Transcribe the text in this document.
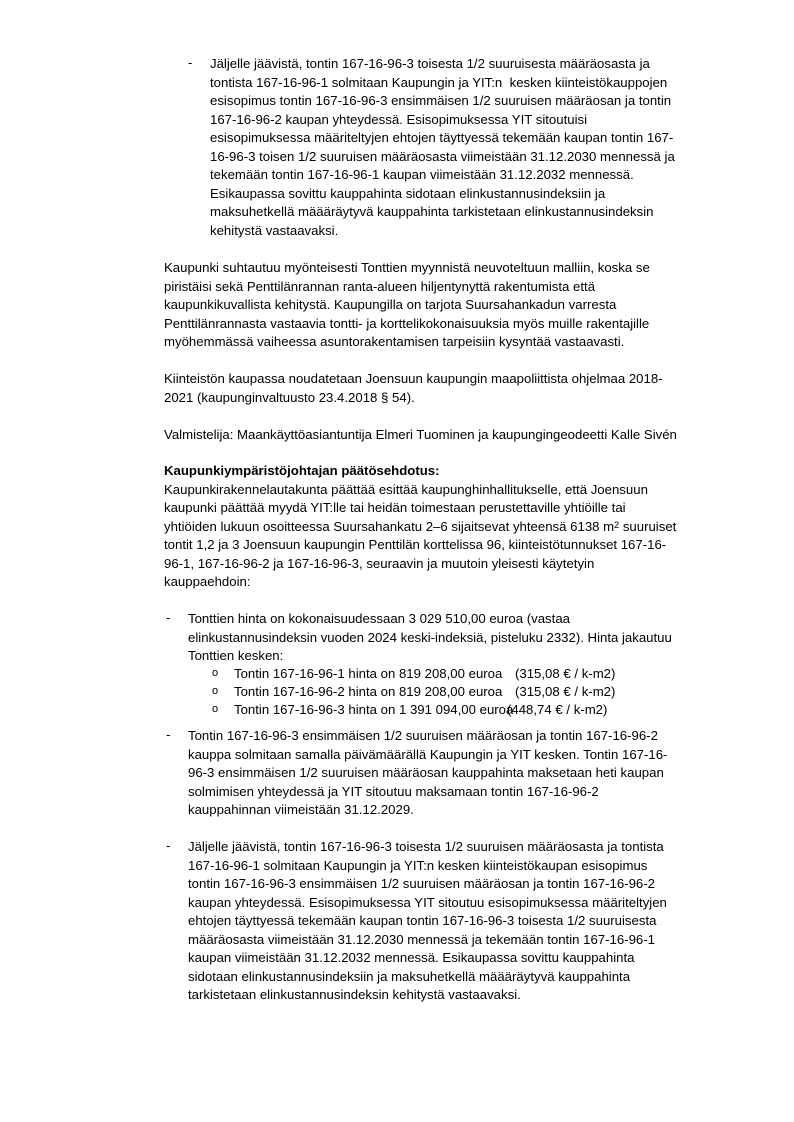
- Jäljelle jäävistä, tontin 167-16-96-3 toisesta 1/2 suuruisesta määräosasta ja
tontista 167-16-96-1 solmitaan Kaupungin ja YIT:n  kesken kiinteistökauppojen
esisopimus tontin 167-16-96-3 ensimmäisen 1/2 suuruisen määräosan ja tontin
167-16-96-2 kaupan yhteydessä. Esisopimuksessa YIT sitoutuisi
esisopimuksessa määriteltyjen ehtojen täyttyessä tekemään kaupan tontin 167-
16-96-3 toisen 1/2 suuruisen määräosasta viimeistään 31.12.2030 mennessä ja
tekemään tontin 167-16-96-1 kaupan viimeistään 31.12.2032 mennessä.
Esikaupassa sovittu kauppahinta sidotaan elinkustannusindeksiin ja
maksuhetkellä määäräytyvä kauppahinta tarkistetaan elinkustannusindeksin
kehitystä vastaavaksi.
Kaupunki suhtautuu myönteisesti Tonttien myynnistä neuvoteltuun malliin, koska se
piristäisi sekä Penttilänrannan ranta-alueen hiljentynyttä rakentumista että
kaupunkikuvallista kehitystä. Kaupungilla on tarjota Suursahankadun varresta
Penttilänrannasta vastaavia tontti- ja korttelikokonaisuuksia myös muille rakentajille
myöhemmässä vaiheessa asuntorakentamisen tarpeisiin kysyntää vastaavasti.
Kiinteistön kaupassa noudatetaan Joensuun kaupungin maapoliittista ohjelmaa 2018-
2021 (kaupunginvaltuusto 23.4.2018 § 54).
Valmistelija: Maankäyttöasiantuntija Elmeri Tuominen ja kaupungingeodeetti Kalle Sivén
Kaupunkiympäristöjohtajan päätösehdotus:
Kaupunkirakennelautakunta päättää esittää kaupunghinhallitukselle, että Joensuun
kaupunki päättää myydä YIT:lle tai heidän toimestaan perustettaville yhtiöille tai
yhtiöiden lukuun osoitteessa Suursahankatu 2–6 sijaitsevat yhteensä 6138 $m^2$ suuruiset
tontit 1,2 ja 3 Joensuun kaupungin Penttilän korttelissa 96, kiinteistötunnukset 167-16-
96-1, 167-16-96-2 ja 167-16-96-3, seuraavin ja muutoin yleisesti käytetyin
kauppaehdoin:
- Tonttien hinta on kokonaisuudessaan 3 029 510,00 euroa (vastaa
elinkustannusindeksin vuoden 2024 keski-indeksiä, pisteluku 2332). Hinta jakautuu
Tonttien kesken:
o Tontin 167-16-96-1 hinta on 819 208,00 euroa (315,08 € / k-m2)
o Tontin 167-16-96-2 hinta on 819 208,00 euroa (315,08 € / k-m2)
o Tontin 167-16-96-3 hinta on 1 391 094,00 euroa
(448,74 € / k-m2)
- Tontin 167-16-96-3 ensimmäisen 1/2 suuruisen määräosan ja tontin 167-16-96-2
kauppa solmitaan samalla päivämäärällä Kaupungin ja YIT kesken. Tontin 167-16-
96-3 ensimmäisen 1/2 suuruisen määräosan kauppahinta maksetaan heti kaupan
solmimisen yhteydessä ja YIT sitoutuu maksamaan tontin 167-16-96-2
kauppahinnan viimeistään 31.12.2029.
- Jäljelle jäävistä, tontin 167-16-96-3 toisesta 1/2 suuruisen määräosasta ja tontista
167-16-96-1 solmitaan Kaupungin ja YIT:n kesken kiinteistökaupan esisopimus
tontin 167-16-96-3 ensimmäisen 1/2 suuruisen määräosan ja tontin 167-16-96-2
kaupan yhteydessä. Esisopimuksessa YIT sitoutuu esisopimuksessa määriteltyjen
ehtojen täyttyessä tekemään kaupan tontin 167-16-96-3 toisesta 1/2 suuruisesta
määräosasta viimeistään 31.12.2030 mennessä ja tekemään tontin 167-16-96-1
kaupan viimeistään 31.12.2032 mennessä. Esikaupassa sovittu kauppahinta
sidotaan elinkustannusindeksiin ja maksuhetkellä määäräytyvä kauppahinta
tarkistetaan elinkustannusindeksin kehitystä vastaavaksi.
